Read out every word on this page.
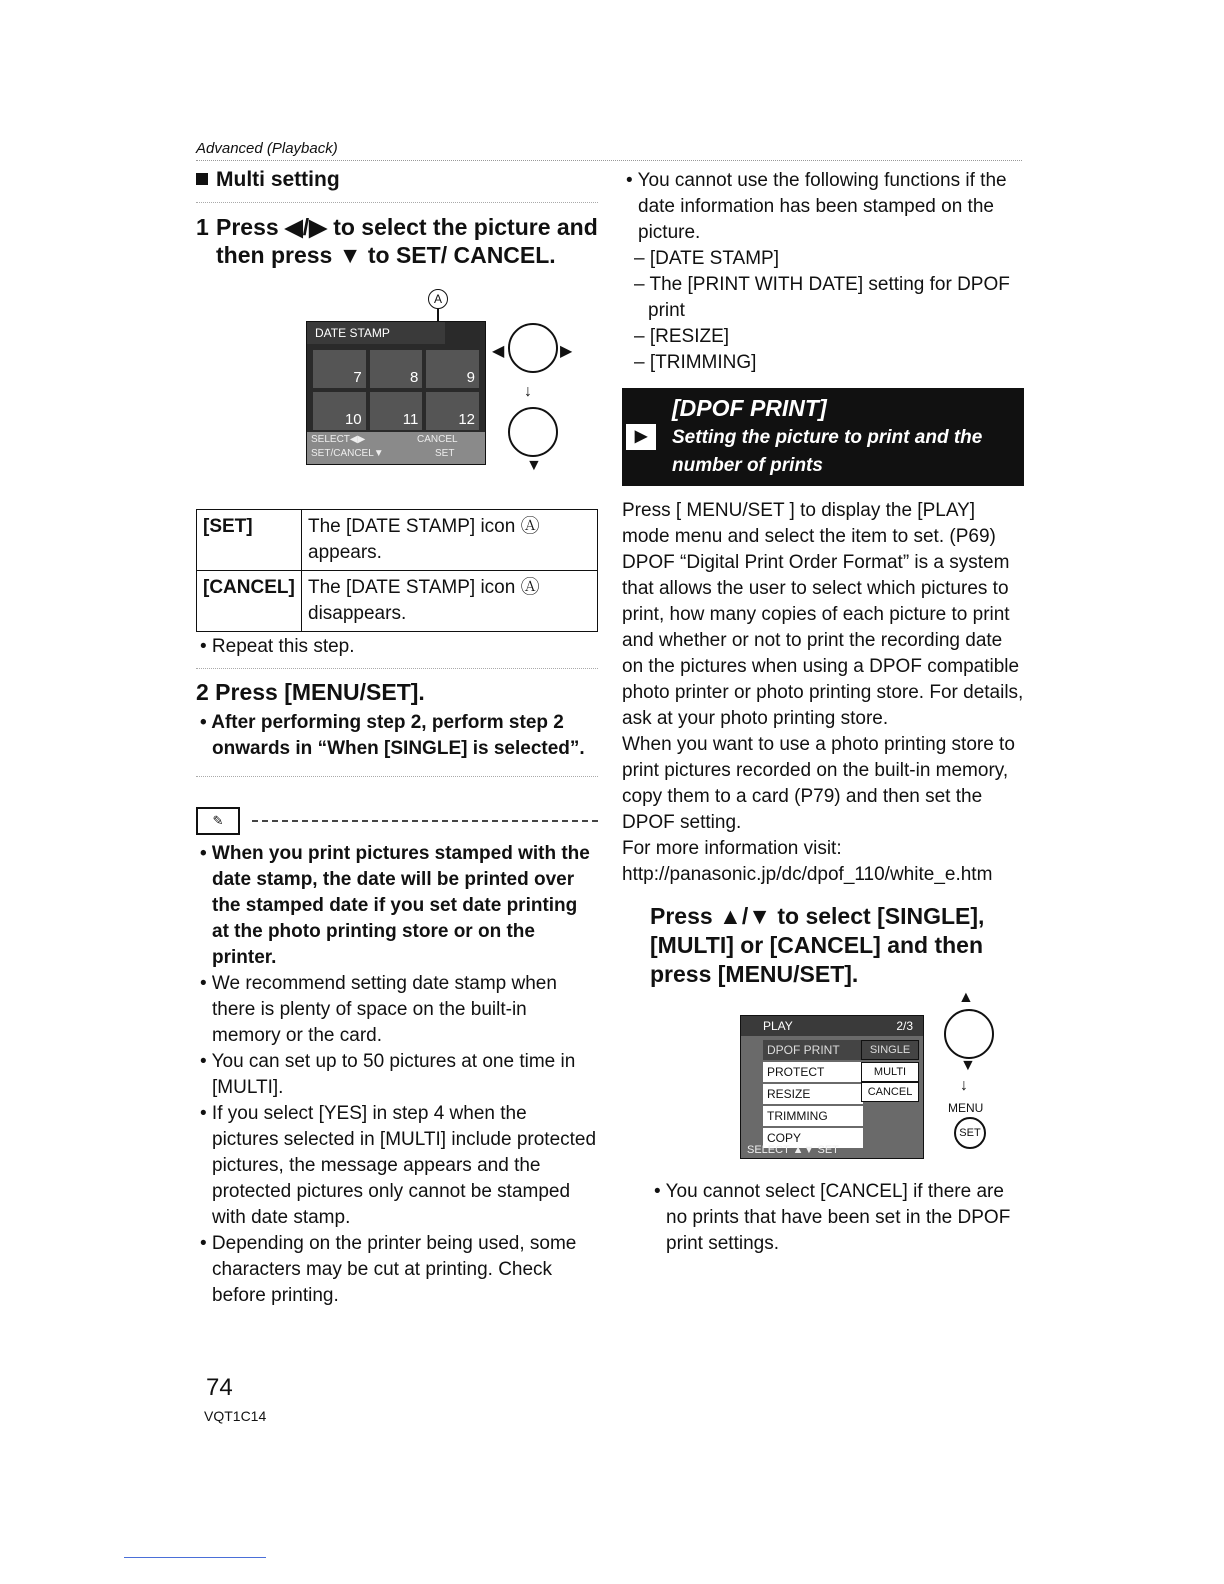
Advanced (Playback)
Multi setting
1 Press ◀/▶ to select the picture and then press ▼ to SET/ CANCEL.
A
DATE STAMP
7	8	9
10	11	12
SELECT◀▶
SET/CANCEL▼
CANCEL
SET
◀	▶
↓
▼
[SET]	The [DATE STAMP] icon Ⓐ appears.
[CANCEL]	The [DATE STAMP] icon Ⓐ disappears.

• Repeat this step.

2 Press [MENU/SET].

• After performing step 2, perform step 2 onwards in “When [SINGLE] is selected”.

✎

• When you print pictures stamped with the date stamp, the date will be printed over the stamped date if you set date printing at the photo printing store or on the printer.

• We recommend setting date stamp when there is plenty of space on the built-in memory or the card.

• You can set up to 50 pictures at one time in [MULTI].

• If you select [YES] in step 4 when the pictures selected in [MULTI] include protected pictures, the message appears and the protected pictures only cannot be stamped with date stamp.

• Depending on the printer being used, some characters may be cut at printing. Check before printing.

• You cannot use the following functions if the date information has been stamped on the picture.

– [DATE STAMP]

– The [PRINT WITH DATE] setting for DPOF print

– [RESIZE]

– [TRIMMING]

▶
[DPOF PRINT]
Setting the picture to print and the number of prints

Press [ MENU/SET ] to display the [PLAY] mode menu and select the item to set. (P69)

DPOF “Digital Print Order Format” is a system that allows the user to select which pictures to print, how many copies of each picture to print and whether or not to print the recording date on the pictures when using a DPOF compatible photo printer or photo printing store. For details, ask at your photo printing store.

When you want to use a photo printing store to print pictures recorded on the built-in memory, copy them to a card (P79) and then set the DPOF setting.

For more information visit:

http://panasonic.jp/dc/dpof_110/white_e.htm

Press ▲/▼ to select [SINGLE], [MULTI] or [CANCEL] and then press [MENU/SET].
PLAY	2/3
DPOF PRINT
PROTECT
RESIZE
TRIMMING
COPY
SINGLE
MULTI
CANCEL
SELECT ▲▼ SET
▲
▼
↓
MENU
SET

• You cannot select [CANCEL] if there are no prints that have been set in the DPOF print settings.

74
VQT1C14
